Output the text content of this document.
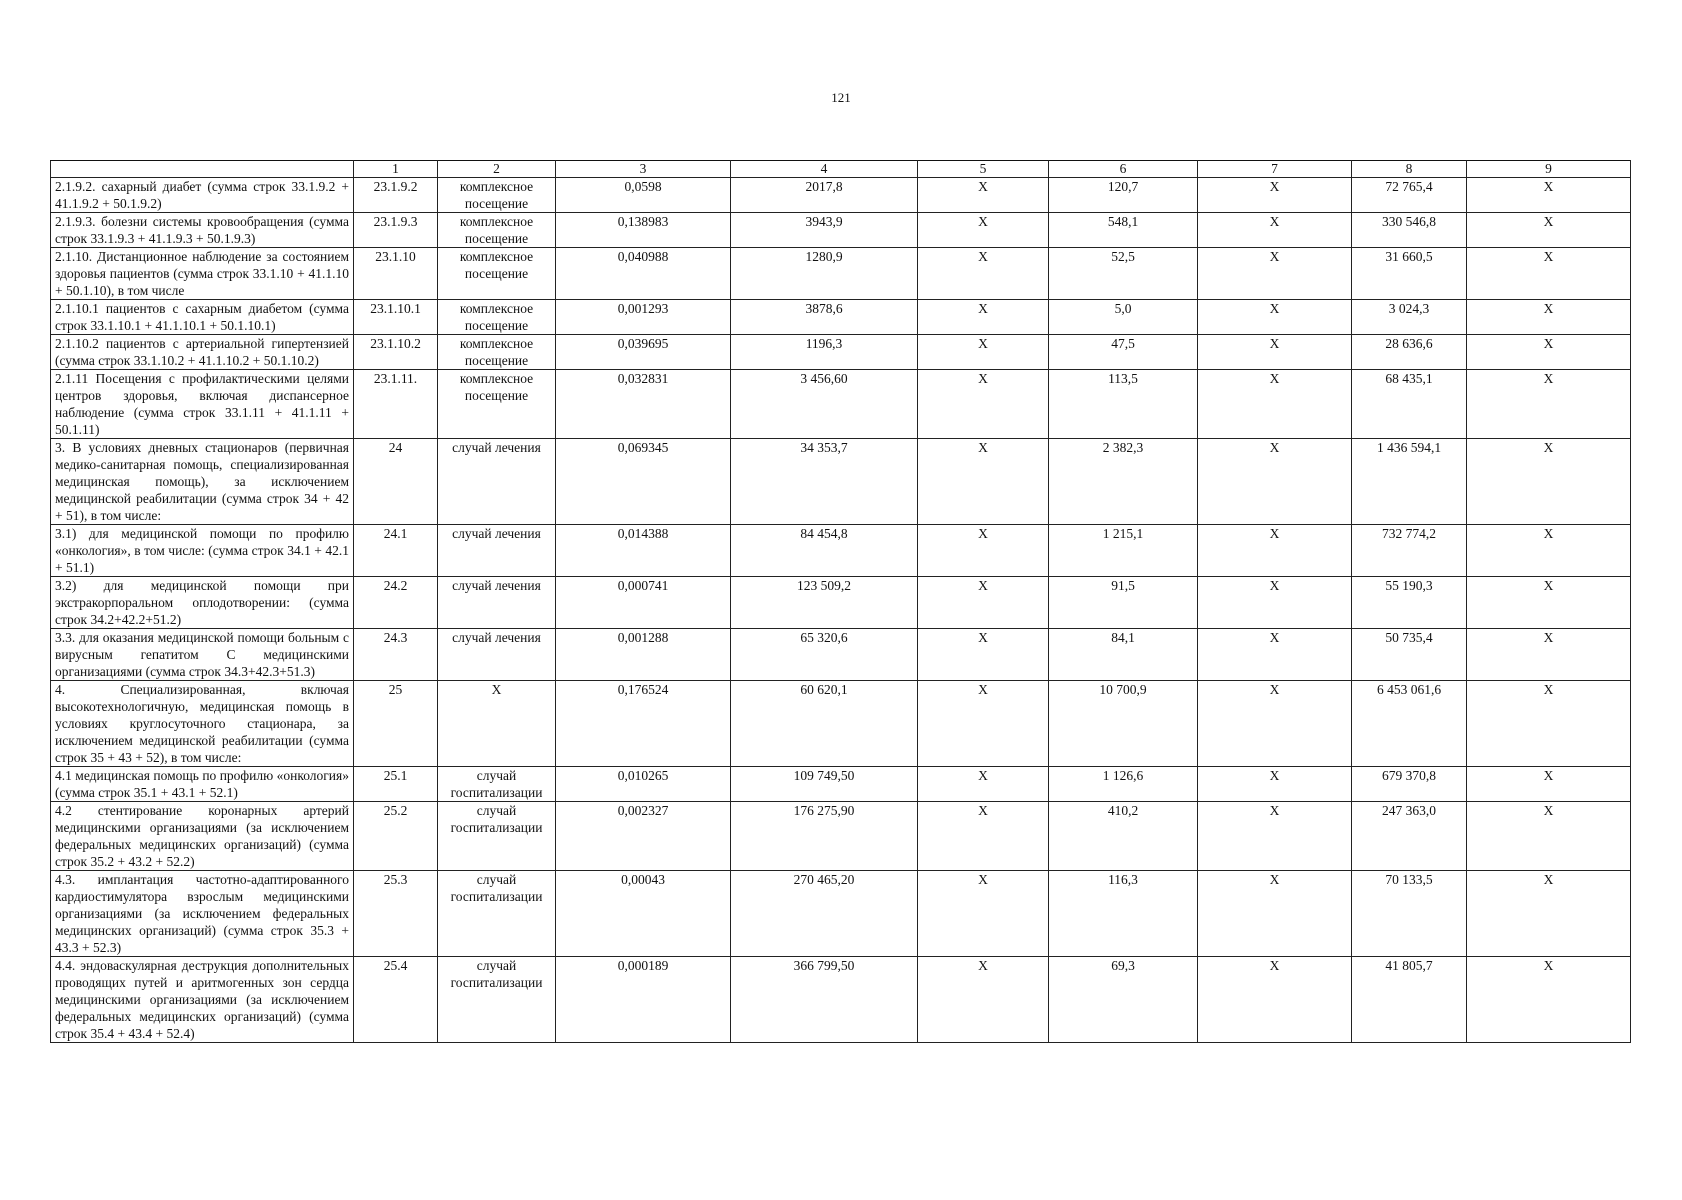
121
	1	2	3	4	5	6	7	8	9
2.1.9.2. сахарный диабет (сумма строк 33.1.9.2 + 41.1.9.2 + 50.1.9.2)	23.1.9.2	комплексное посещение	0,0598	2017,8	X	120,7	X	72 765,4	X
2.1.9.3. болезни системы кровообращения (сумма строк 33.1.9.3 + 41.1.9.3 + 50.1.9.3)	23.1.9.3	комплексное посещение	0,138983	3943,9	X	548,1	X	330 546,8	X
2.1.10. Дистанционное наблюдение за состоянием здоровья пациентов (сумма строк 33.1.10 + 41.1.10 + 50.1.10), в том числе	23.1.10	комплексное посещение	0,040988	1280,9	X	52,5	X	31 660,5	X
2.1.10.1 пациентов с сахарным диабетом (сумма строк 33.1.10.1 + 41.1.10.1 + 50.1.10.1)	23.1.10.1	комплексное посещение	0,001293	3878,6	X	5,0	X	3 024,3	X
2.1.10.2 пациентов с артериальной гипертензией (сумма строк 33.1.10.2 + 41.1.10.2 + 50.1.10.2)	23.1.10.2	комплексное посещение	0,039695	1196,3	X	47,5	X	28 636,6	X
2.1.11 Посещения с профилактическими целями центров здоровья, включая диспансерное наблюдение (сумма строк 33.1.11 + 41.1.11 + 50.1.11)	23.1.11.	комплексное посещение	0,032831	3 456,60	X	113,5	X	68 435,1	X
3. В условиях дневных стационаров (первичная медико-санитарная помощь, специализированная медицинская помощь), за исключением медицинской реабилитации (сумма строк 34 + 42 + 51), в том числе:	24	случай лечения	0,069345	34 353,7	X	2 382,3	X	1 436 594,1	X
3.1) для медицинской помощи по профилю «онкология», в том числе: (сумма строк 34.1 + 42.1 + 51.1)	24.1	случай лечения	0,014388	84 454,8	X	1 215,1	X	732 774,2	X
3.2) для медицинской помощи при экстракорпоральном оплодотворении: (сумма строк 34.2+42.2+51.2)	24.2	случай лечения	0,000741	123 509,2	X	91,5	X	55 190,3	X
3.3. для оказания медицинской помощи больным с вирусным гепатитом С медицинскими организациями (сумма строк 34.3+42.3+51.3)	24.3	случай лечения	0,001288	65 320,6	X	84,1	X	50 735,4	X
4. Специализированная, включая высокотехнологичную, медицинская помощь в условиях круглосуточного стационара, за исключением медицинской реабилитации (сумма строк 35 + 43 + 52), в том числе:	25	X	0,176524	60 620,1	X	10 700,9	X	6 453 061,6	X
4.1 медицинская помощь по профилю «онкология» (сумма строк 35.1 + 43.1 + 52.1)	25.1	случай госпитализации	0,010265	109 749,50	X	1 126,6	X	679 370,8	X
4.2 стентирование коронарных артерий медицинскими организациями (за исключением федеральных медицинских организаций) (сумма строк 35.2 + 43.2 + 52.2)	25.2	случай госпитализации	0,002327	176 275,90	X	410,2	X	247 363,0	X
4.3. имплантация частотно-адаптированного кардиостимулятора взрослым медицинскими организациями (за исключением федеральных медицинских организаций) (сумма строк 35.3 + 43.3 + 52.3)	25.3	случай госпитализации	0,00043	270 465,20	X	116,3	X	70 133,5	X
4.4. эндоваскулярная деструкция дополнительных проводящих путей и аритмогенных зон сердца медицинскими организациями (за исключением федеральных медицинских организаций) (сумма строк 35.4 + 43.4 + 52.4)	25.4	случай госпитализации	0,000189	366 799,50	X	69,3	X	41 805,7	X
